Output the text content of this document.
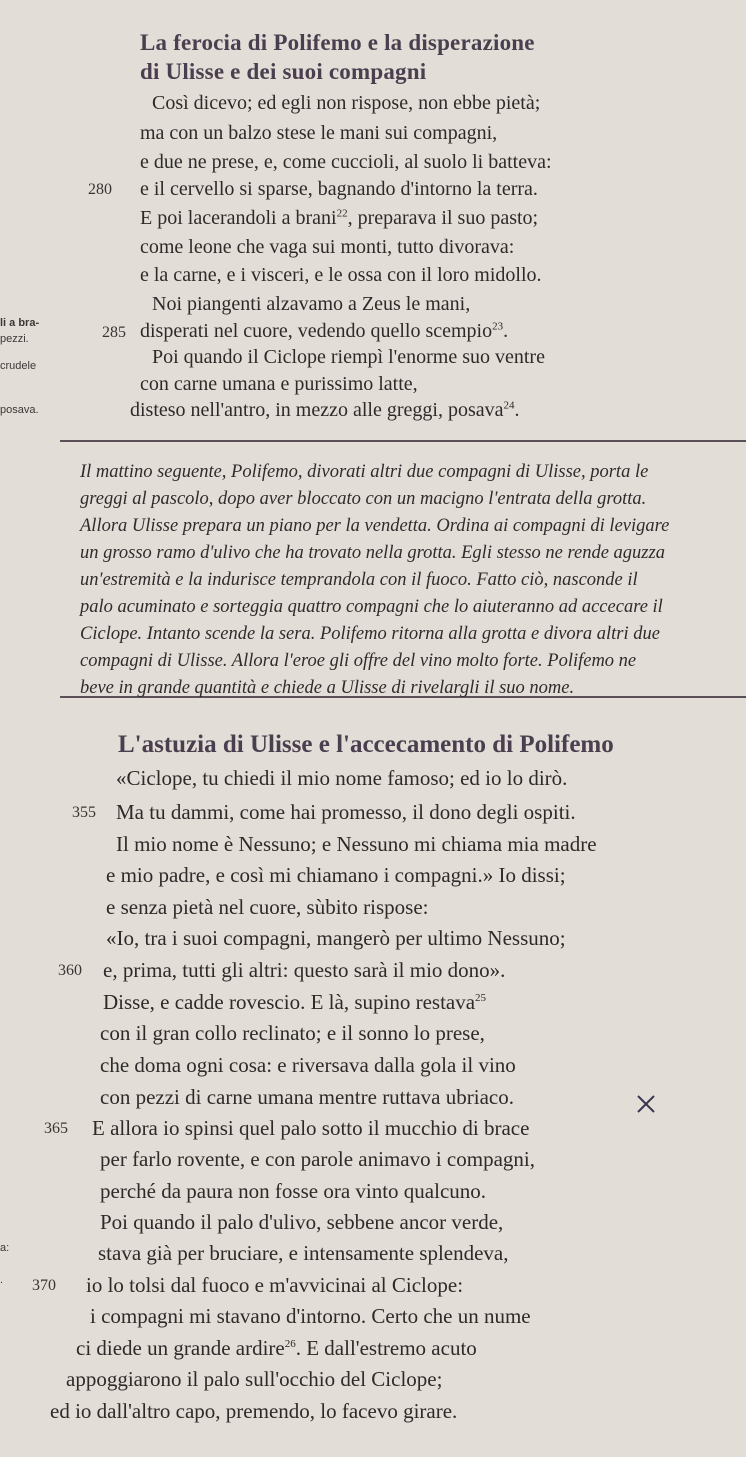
La ferocia di Polifemo e la disperazione
di Ulisse e dei suoi compagni
Così dicevo; ed egli non rispose, non ebbe pietà;
ma con un balzo stese le mani sui compagni,
e due ne prese, e, come cuccioli, al suolo li batteva:
280 e il cervello si sparse, bagnando d'intorno la terra.
E poi lacerandoli a brani$^{22}$, preparava il suo pasto;
come leone che vaga sui monti, tutto divorava:
e la carne, e i visceri, e le ossa con il loro midollo.
Noi piangenti alzavamo a Zeus le mani,
li a bra-
pezzi.	285 disperati nel cuore, vedendo quello scempio$^{23}$.
crudele	Poi quando il Ciclope riempì l'enorme suo ventre
con carne umana e purissimo latte,
posava.	disteso nell'antro, in mezzo alle greggi, posava$^{24}$.
Il mattino seguente, Polifemo, divorati altri due compagni di Ulisse, porta le
greggi al pascolo, dopo aver bloccato con un macigno l'entrata della grotta.
Allora Ulisse prepara un piano per la vendetta. Ordina ai compagni di levigare
un grosso ramo d'ulivo che ha trovato nella grotta. Egli stesso ne rende aguzza
un'estremità e la indurisce temprandola con il fuoco. Fatto ciò, nasconde il
palo acuminato e sorteggia quattro compagni che lo aiuteranno ad accecare il
Ciclope. Intanto scende la sera. Polifemo ritorna alla grotta e divora altri due
compagni di Ulisse. Allora l'eroe gli offre del vino molto forte. Polifemo ne
beve in grande quantità e chiede a Ulisse di rivelargli il suo nome.
L'astuzia di Ulisse e l'accecamento di Polifemo
«Ciclope, tu chiedi il mio nome famoso; ed io lo dirò.
355 Ma tu dammi, come hai promesso, il dono degli ospiti.
Il mio nome è Nessuno; e Nessuno mi chiama mia madre
e mio padre, e così mi chiamano i compagni.» Io dissi;
e senza pietà nel cuore, sùbito rispose:
«Io, tra i suoi compagni, mangerò per ultimo Nessuno;
360 e, prima, tutti gli altri: questo sarà il mio dono».
Disse, e cadde rovescio. E là, supino restava$^{25}$
con il gran collo reclinato; e il sonno lo prese,
che doma ogni cosa: e riversava dalla gola il vino
con pezzi di carne umana mentre ruttava ubriaco.
365 E allora io spinsi quel palo sotto il mucchio di brace
per farlo rovente, e con parole animavo i compagni,
perché da paura non fosse ora vinto qualcuno.
Poi quando il palo d'ulivo, sebbene ancor verde,
a:	stava già per bruciare, e intensamente splendeva,
. 370 io lo tolsi dal fuoco e m'avvicinai al Ciclope:
i compagni mi stavano d'intorno. Certo che un nume
ci diede un grande ardire$^{26}$. E dall'estremo acuto
appoggiarono il palo sull'occhio del Ciclope;
ed io dall'altro capo, premendo, lo facevo girare.
